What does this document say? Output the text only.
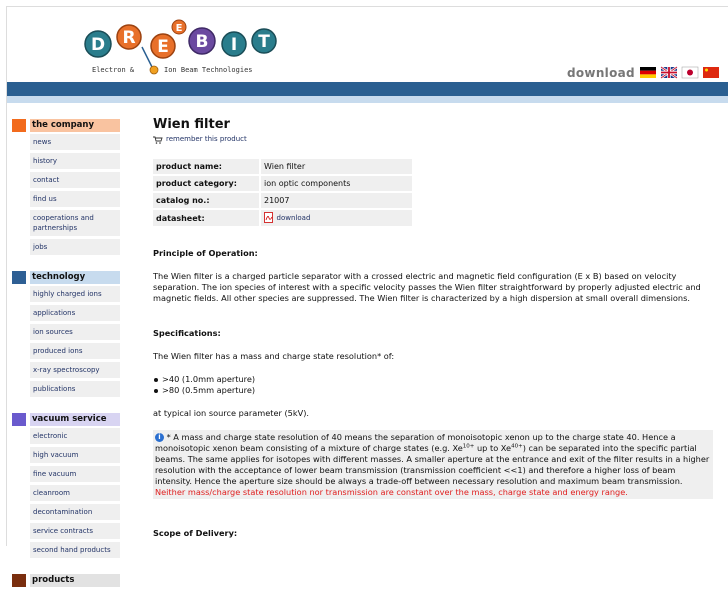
D R E
E
B I T
Electron &	Ion Beam Technologies	download
the company
news
history
contact
find us
cooperations and partnerships
jobs
technology
highly charged ions
applications
ion sources
produced ions
x-ray spectroscopy
publications
vacuum service
electronic
high vacuum
fine vacuum
cleanroom
decontamination
service contracts
second hand products
products
Wien filter
remember this product
product name:	Wien filter
product category:	ion optic components
catalog no.:	21007
datasheet:	download

Principle of Operation:

The Wien filter is a charged particle separator with a crossed electric and magnetic field configuration (E x B) based on velocity separation. The ion species of interest with a specific velocity passes the Wien filter straightforward by properly adjusted electric and magnetic fields. All other species are suppressed. The Wien filter is characterized by a high dispersion at small overall dimensions.

Specifications:

The Wien filter has a mass and charge state resolution* of:

>40 (1.0mm aperture)
>80 (0.5mm aperture)

at typical ion source parameter (5kV).

i * A mass and charge state resolution of 40 means the separation of monoisotopic xenon up to the charge state 40. Hence a monoisotopic xenon beam consisting of a mixture of charge states (e.g. $Xe^{10+}$ up to $Xe^{40+}$) can be separated into the specific partial beams. The same applies for isotopes with different masses. A smaller aperture at the entrance and exit of the filter results in a higher resolution with the acceptance of lower beam transmission (transmission coefficient <<1) and therefore a higher loss of beam intensity. Hence the aperture size should be always a trade-off between necessary resolution and maximum beam transmission.

Neither mass/charge state resolution nor transmission are constant over the mass, charge state and energy range.

Scope of Delivery:
